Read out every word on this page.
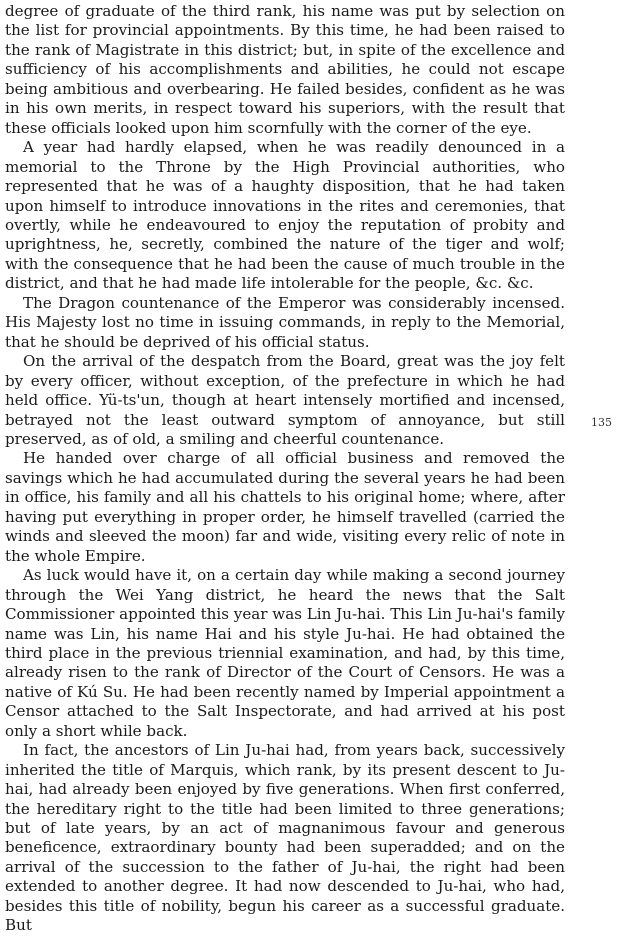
degree of graduate of the third rank, his name was put by selection on the list for provincial appointments. By this time, he had been raised to the rank of Magistrate in this district; but, in spite of the excellence and sufficiency of his accomplishments and abilities, he could not escape being ambitious and overbearing. He failed besides, confident as he was in his own merits, in respect toward his superiors, with the result that these officials looked upon him scornfully with the corner of the eye.

A year had hardly elapsed, when he was readily denounced in a memorial to the Throne by the High Provincial authorities, who represented that he was of a haughty disposition, that he had taken upon himself to introduce innovations in the rites and ceremonies, that overtly, while he endeavoured to enjoy the reputation of probity and uprightness, he, secretly, combined the nature of the tiger and wolf; with the consequence that he had been the cause of much trouble in the district, and that he had made life intolerable for the people, &c. &c.

The Dragon countenance of the Emperor was considerably incensed. His Majesty lost no time in issuing commands, in reply to the Memorial, that he should be deprived of his official status.

On the arrival of the despatch from the Board, great was the joy felt by every officer, without exception, of the prefecture in which he had held office. Yü-ts'un, though at heart intensely mortified and incensed, betrayed not the least outward symptom of annoyance, but still preserved, as of old, a smiling and cheerful countenance.

He handed over charge of all official business and removed the savings which he had accumulated during the several years he had been in office, his family and all his chattels to his original home; where, after having put everything in proper order, he himself travelled (carried the winds and sleeved the moon) far and wide, visiting every relic of note in the whole Empire.

As luck would have it, on a certain day while making a second journey through the Wei Yang district, he heard the news that the Salt Commissioner appointed this year was Lin Ju-hai. This Lin Ju-hai's family name was Lin, his name Hai and his style Ju-hai. He had obtained the third place in the previous triennial examination, and had, by this time, already risen to the rank of Director of the Court of Censors. He was a native of Kú Su. He had been recently named by Imperial appointment a Censor attached to the Salt Inspectorate, and had arrived at his post only a short while back.

In fact, the ancestors of Lin Ju-hai had, from years back, successively inherited the title of Marquis, which rank, by its present descent to Ju-hai, had already been enjoyed by five generations. When first conferred, the hereditary right to the title had been limited to three generations; but of late years, by an act of magnanimous favour and generous beneficence, extraordinary bounty had been superadded; and on the arrival of the succession to the father of Ju-hai, the right had been extended to another degree. It had now descended to Ju-hai, who had, besides this title of nobility, begun his career as a successful graduate. But

135
